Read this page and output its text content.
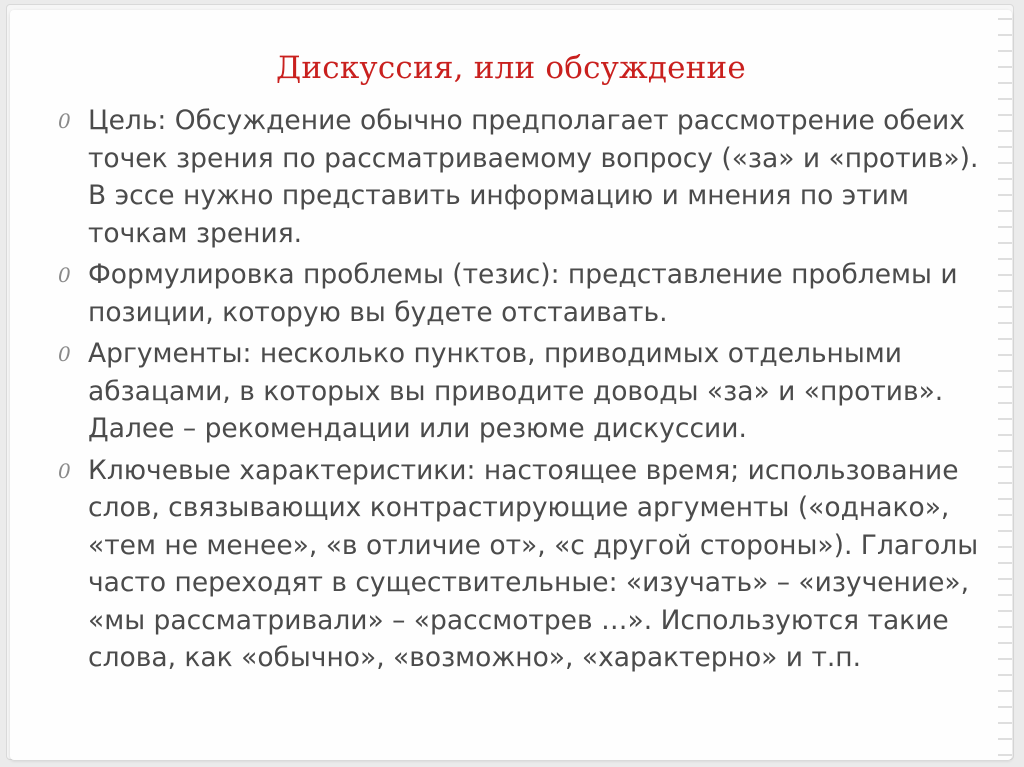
Дискуссия, или обсуждение
0 Цель: Обсуждение обычно предполагает рассмотрение обеих точек зрения по рассматриваемому вопросу («за» и «против»). В эссе нужно представить информацию и мнения по этим точкам зрения.
0 Формулировка проблемы (тезис): представление проблемы и позиции, которую вы будете отстаивать.
0 Аргументы: несколько пунктов, приводимых отдельными абзацами, в которых вы приводите доводы «за» и «против». Далее – рекомендации или резюме дискуссии.
0 Ключевые характеристики: настоящее время; использование слов, связывающих контрастирующие аргументы («однако», «тем не менее», «в отличие от», «с другой стороны»). Глаголы часто переходят в существительные: «изучать» – «изучение», «мы рассматривали» – «рассмотрев …». Используются такие слова, как «обычно», «возможно», «характерно» и т.п.
